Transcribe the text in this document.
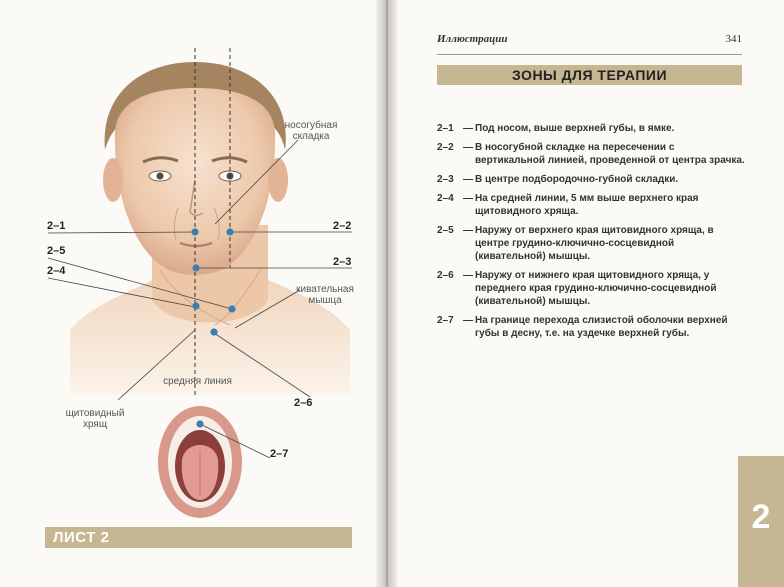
носогубная
складка
кивательная
мышца
средняя линия
щитовидный
хрящ
2–1	2–2
2–3
2–4
2–5
2–6
2–7
ЛИСТ 2
Иллюстрации	341
ЗОНЫ ДЛЯ ТЕРАПИИ
2–1 — Под носом, выше верхней губы, в ямке.
2–2 — В носогубной складке на пересечении с вертикальной линией, проведенной от центра зрачка.
2–3 — В центре подбородочно-губной складки.
2–4 — На средней линии, 5 мм выше верхнего края щитовидного хряща.
2–5 — Наружу от верхнего края щитовидного хряща, в центре грудино-ключично-сосцевидной (кивательной) мышцы.
2–6 — Наружу от нижнего края щитовидного хряща, у переднего края грудино-ключично-сосцевидной (кивательной) мышцы.
2–7 — На границе перехода слизистой оболочки верхней губы в десну, т.е. на уздечке верхней губы.
2
